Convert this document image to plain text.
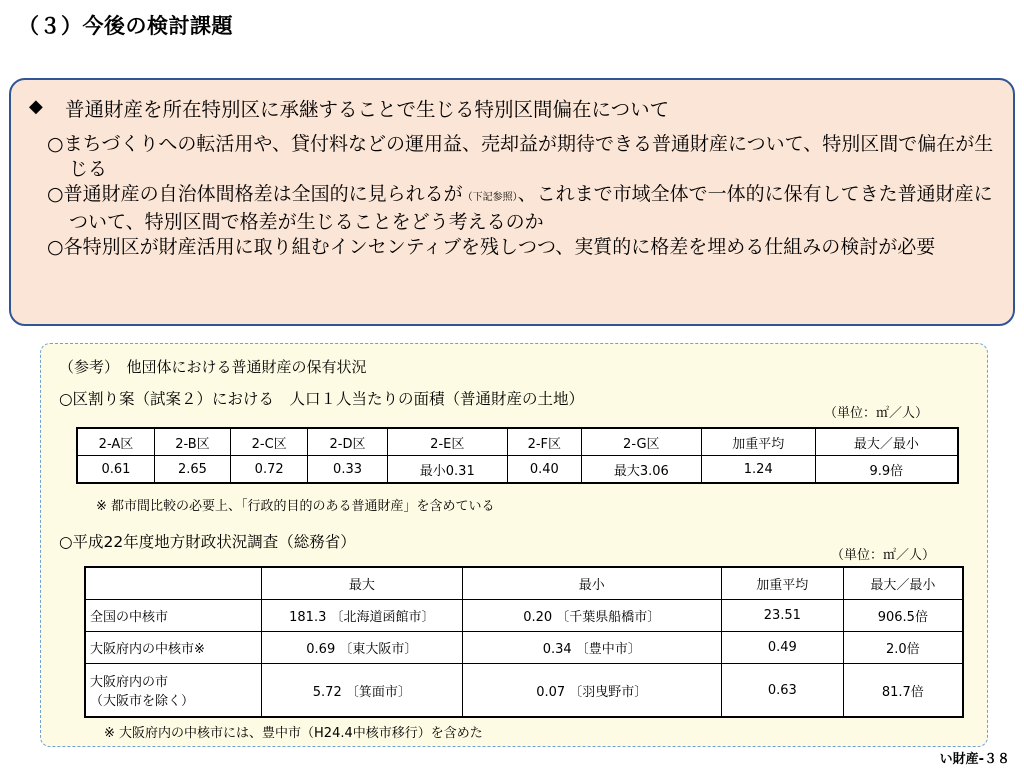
（３）今後の検討課題
◆ 普通財産を所在特別区に承継することで生じる特別区間偏在について

○まちづくりへの転活用や、貸付料などの運用益、売却益が期待できる普通財産について、特別区間で偏在が生じる

○普通財産の自治体間格差は全国的に見られるが（下記参照）、これまで市域全体で一体的に保有してきた普通財産について、特別区間で格差が生じることをどう考えるのか

○各特別区が財産活用に取り組むインセンティブを残しつつ、実質的に格差を埋める仕組みの検討が必要

（参考）　他団体における普通財産の保有状況
○区割り案（試案２）における　人口１人当たりの面積（普通財産の土地）
（単位：㎡／人）
2-A区	2-B区	2-C区	2-D区	2-E区	2-F区	2-G区	加重平均	最大／最小
0.61	2.65	0.72	0.33	最小0.31	0.40	最大3.06	1.24	9.9倍
※ 都市間比較の必要上、「行政的目的のある普通財産」を含めている
○平成22年度地方財政状況調査（総務省）
（単位：㎡／人）
	最大	最小	加重平均	最大／最小
全国の中核市	181.3 〔北海道函館市〕	0.20 〔千葉県船橋市〕	23.51	906.5倍
大阪府内の中核市※	0.69 〔東大阪市〕	0.34 〔豊中市〕	0.49	2.0倍

大阪府内の市
（大阪市を除く）	5.72 〔箕面市〕	0.07 〔羽曳野市〕	0.63	81.7倍
※ 大阪府内の中核市には、豊中市（H24.4中核市移行）を含めた
い財産-３８
